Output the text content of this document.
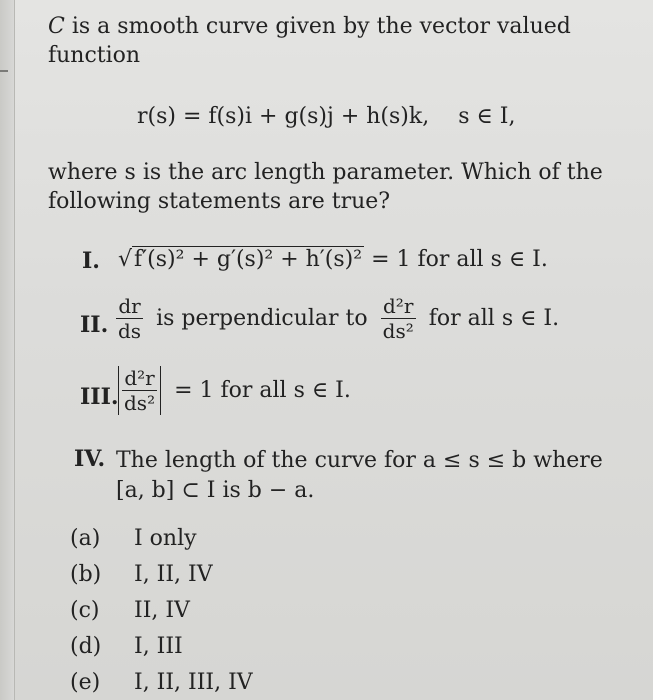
C is a smooth curve given by the vector valued function

r(s) = f(s)i + g(s)j + h(s)k, s ∈ I,

where s is the arc length parameter. Which of the following statements are true?

I. √f′(s)² + g′(s)² + h′(s)² = 1 for all s ∈ I.
II. $\frac{dr}{ds}$ is perpendicular to $\frac{\text{d²r}}{\text{ds²}}$ for all s ∈ I.
III. $\frac{\text{d²r}}{\text{ds²}} = 1$ for all s ∈ I.
IV. The length of the curve for a ≤ s ≤ b where
[a, b] ⊂ I is b − a.
(a) I only
(b) I, II, IV
(c) II, IV
(d) I, III
(e) I, II, III, IV
